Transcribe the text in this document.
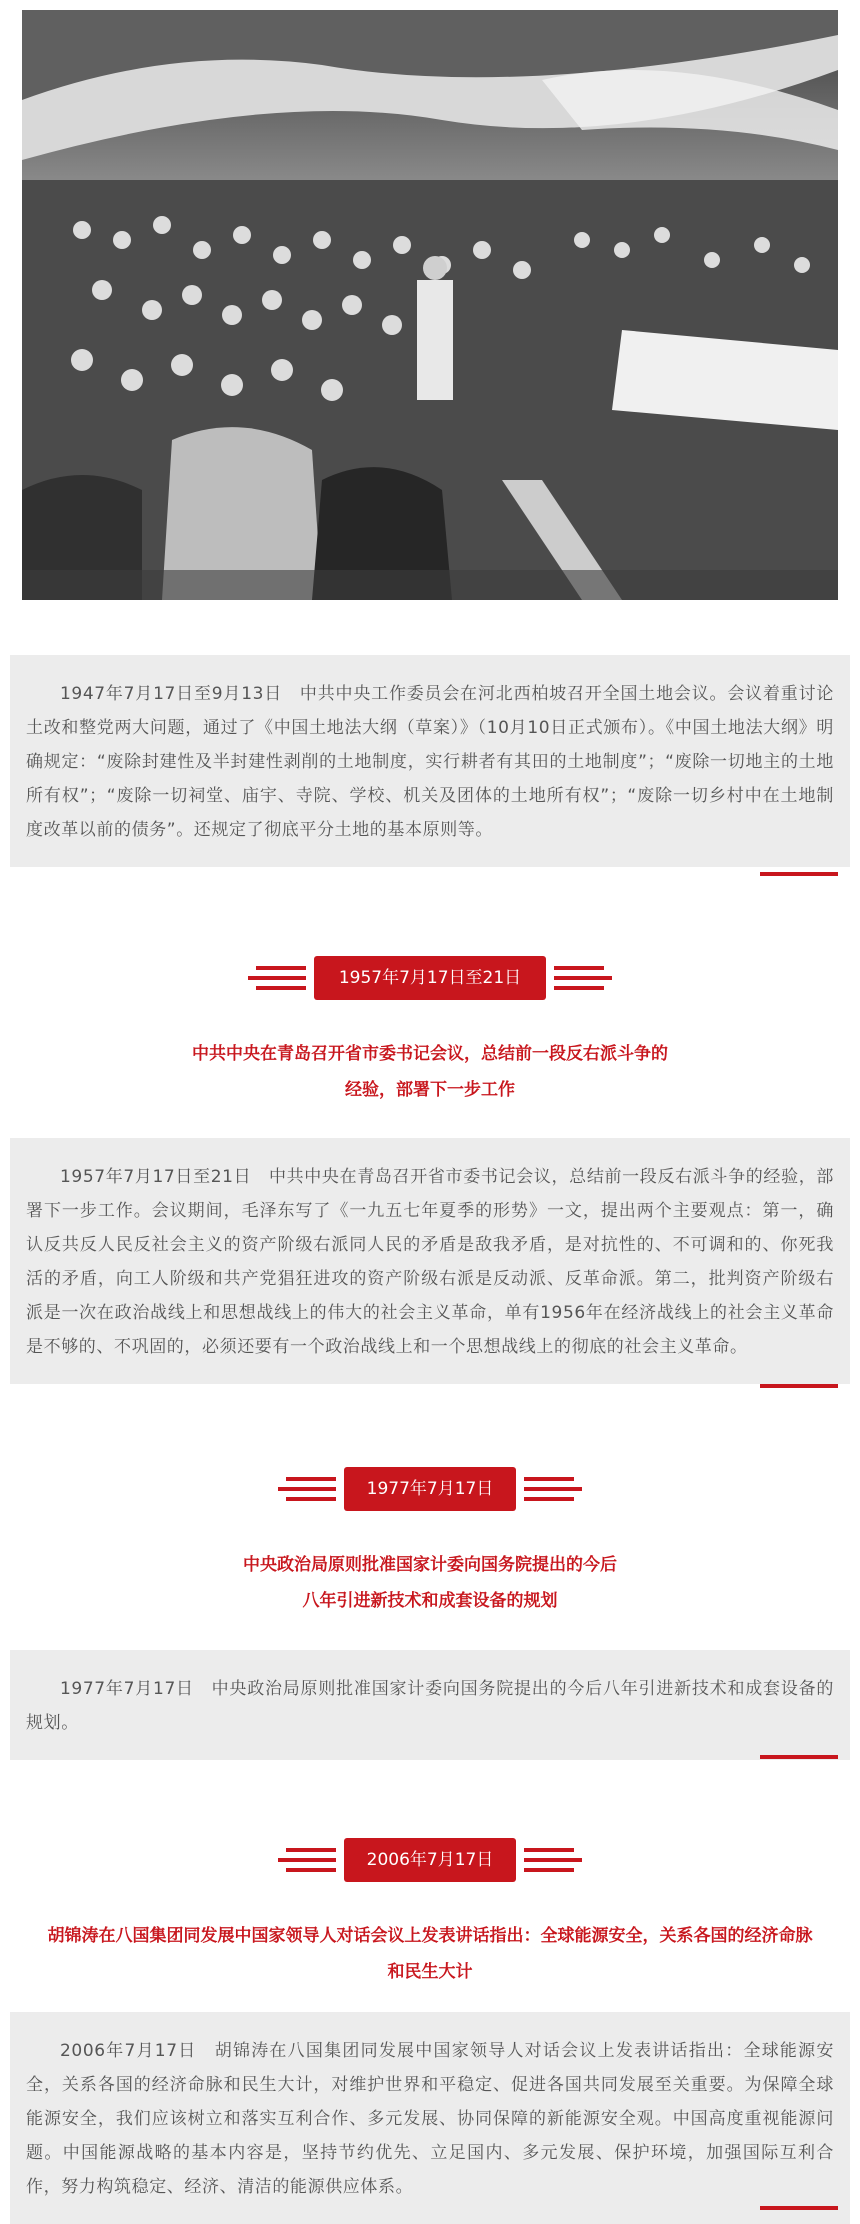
1947年7月17日至9月13日　中共中央工作委员会在河北西柏坡召开全国土地会议。会议着重讨论土改和整党两大问题，通过了《中国土地法大纲（草案）》（10月10日正式颁布）。《中国土地法大纲》明确规定：“废除封建性及半封建性剥削的土地制度，实行耕者有其田的土地制度”；“废除一切地主的土地所有权”；“废除一切祠堂、庙宇、寺院、学校、机关及团体的土地所有权”；“废除一切乡村中在土地制度改革以前的债务”。还规定了彻底平分土地的基本原则等。

1957年7月17日至21日
中共中央在青岛召开省市委书记会议，总结前一段反右派斗争的
经验，部署下一步工作

1957年7月17日至21日　中共中央在青岛召开省市委书记会议，总结前一段反右派斗争的经验，部署下一步工作。会议期间，毛泽东写了《一九五七年夏季的形势》一文，提出两个主要观点：第一，确认反共反人民反社会主义的资产阶级右派同人民的矛盾是敌我矛盾，是对抗性的、不可调和的、你死我活的矛盾，向工人阶级和共产党猖狂进攻的资产阶级右派是反动派、反革命派。第二，批判资产阶级右派是一次在政治战线上和思想战线上的伟大的社会主义革命，单有1956年在经济战线上的社会主义革命是不够的、不巩固的，必须还要有一个政治战线上和一个思想战线上的彻底的社会主义革命。

1977年7月17日
中央政治局原则批准国家计委向国务院提出的今后
八年引进新技术和成套设备的规划

1977年7月17日　中央政治局原则批准国家计委向国务院提出的今后八年引进新技术和成套设备的规划。

2006年7月17日
胡锦涛在八国集团同发展中国家领导人对话会议上发表讲话指出：全球能源安全，关系各国的经济命脉
和民生大计

2006年7月17日　胡锦涛在八国集团同发展中国家领导人对话会议上发表讲话指出：全球能源安全，关系各国的经济命脉和民生大计，对维护世界和平稳定、促进各国共同发展至关重要。为保障全球能源安全，我们应该树立和落实互利合作、多元发展、协同保障的新能源安全观。中国高度重视能源问题。中国能源战略的基本内容是，坚持节约优先、立足国内、多元发展、保护环境，加强国际互利合作，努力构筑稳定、经济、清洁的能源供应体系。
